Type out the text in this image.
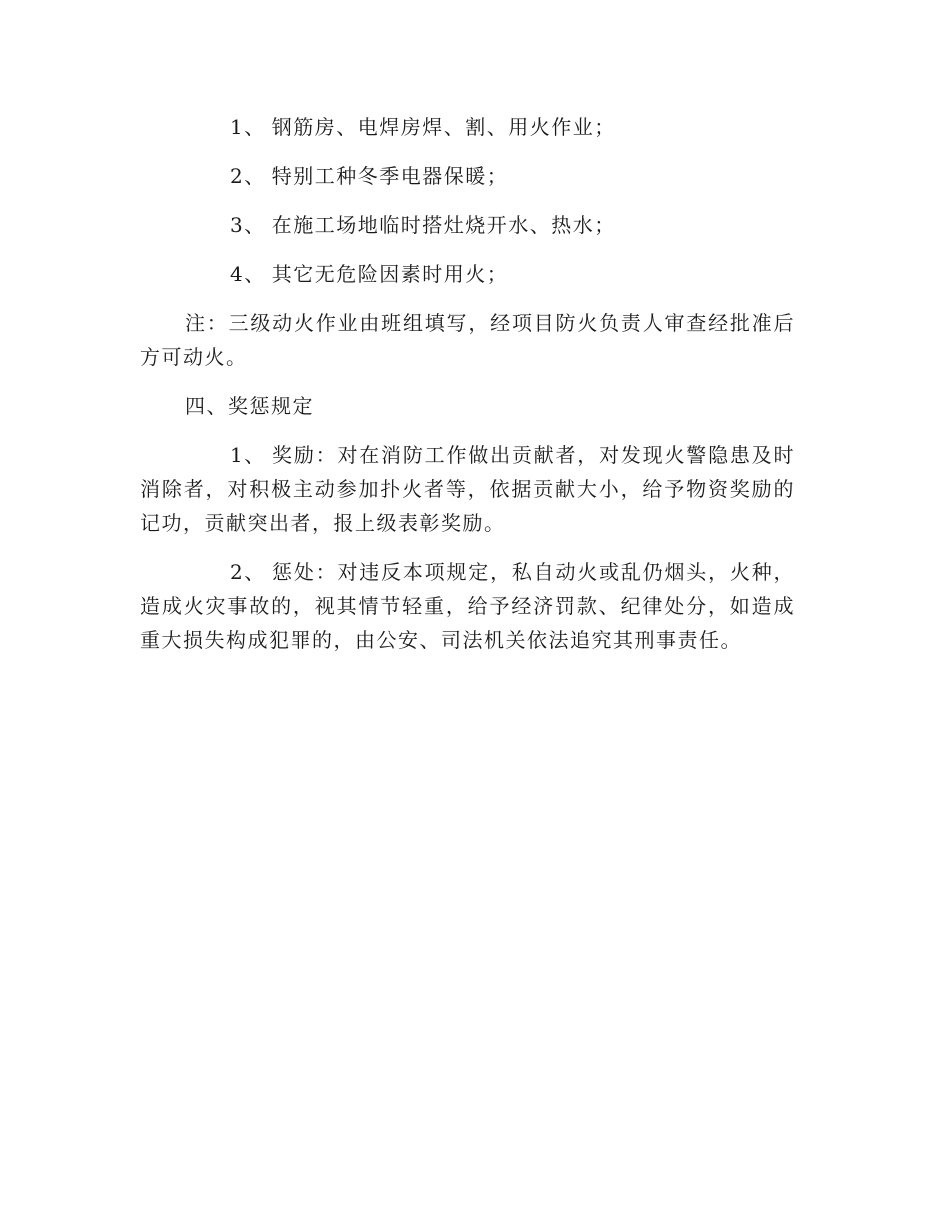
1、 钢筋房、电焊房焊、割、用火作业；

2、 特别工种冬季电器保暖；

3、 在施工场地临时搭灶烧开水、热水；

4、 其它无危险因素时用火；

注：三级动火作业由班组填写，经项目防火负责人审查经批准后方可动火。

四、奖惩规定

1、 奖励：对在消防工作做出贡献者，对发现火警隐患及时消除者，对积极主动参加扑火者等，依据贡献大小，给予物资奖励的记功，贡献突出者，报上级表彰奖励。

2、 惩处：对违反本项规定，私自动火或乱仍烟头，火种，造成火灾事故的，视其情节轻重，给予经济罚款、纪律处分，如造成重大损失构成犯罪的，由公安、司法机关依法追究其刑事责任。
